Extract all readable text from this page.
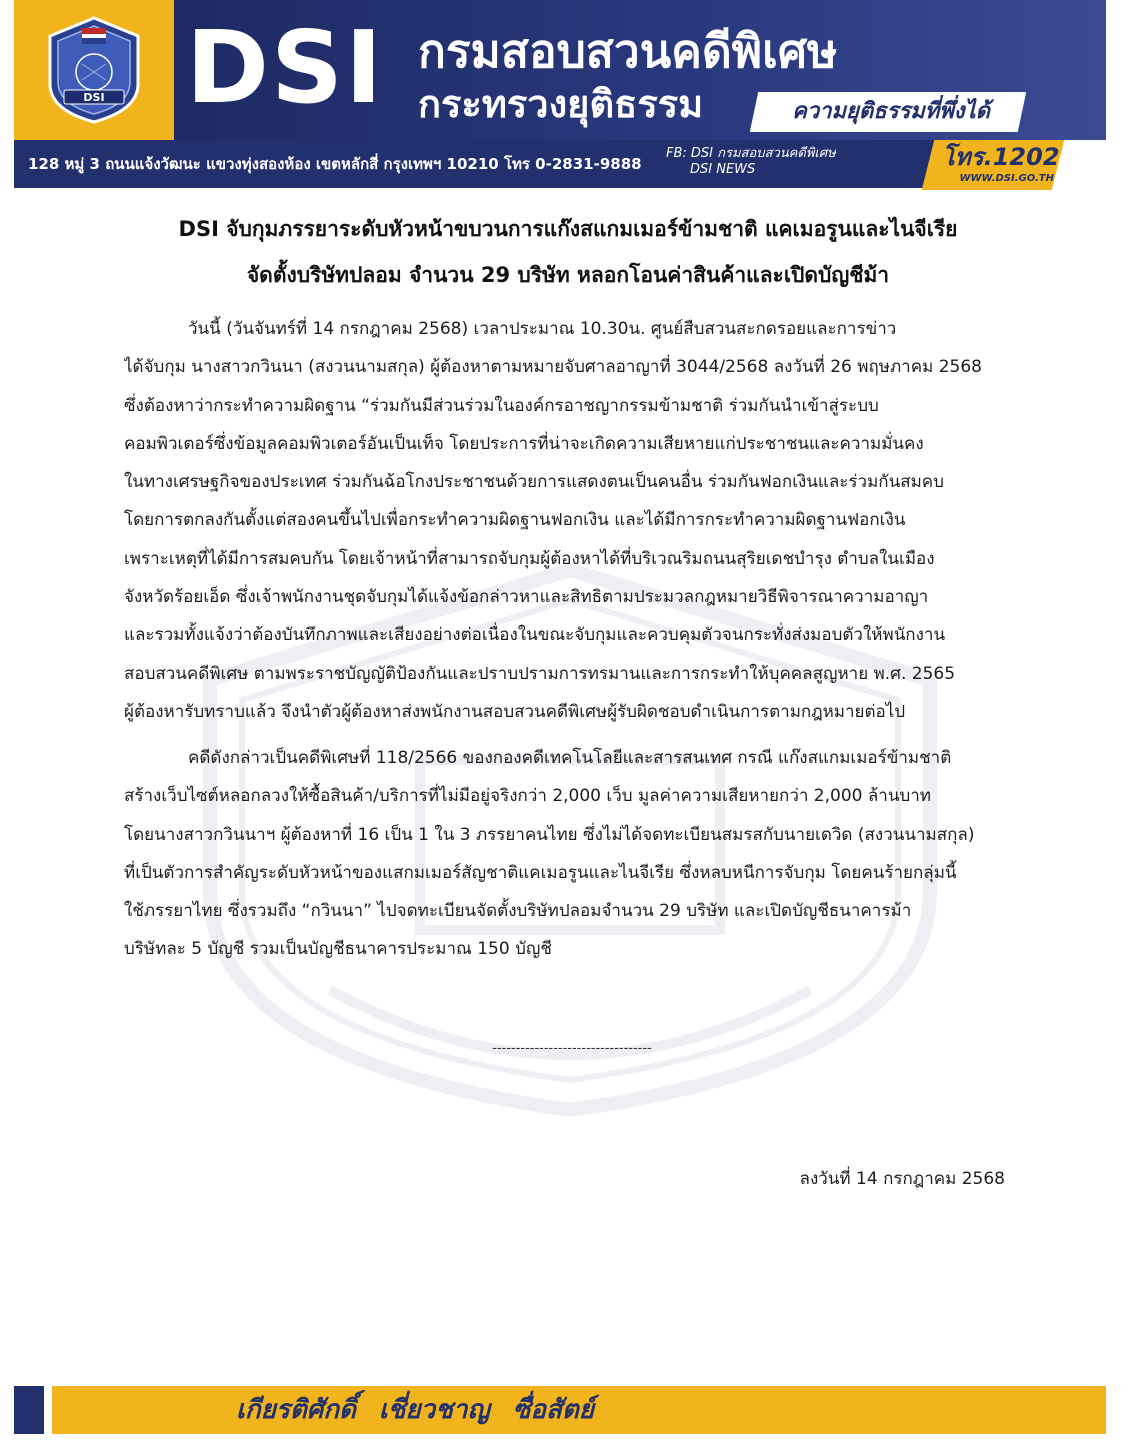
DSI DSI กรมสอบสวนคดีพิเศษ
กระทรวงยุติธรรม	ความยุติธรรมที่พึ่งได้
128 หมู่ 3 ถนนแจ้งวัฒนะ แขวงทุ่งสองห้อง เขตหลักสี่ กรุงเทพฯ 10210 โทร 0-2831-9888
FB: DSI กรมสอบสวนคดีพิเศษ
DSI NEWS	โทร.1202
WWW.DSI.GO.TH
DSI จับกุมภรรยาระดับหัวหน้าขบวนการแก๊งสแกมเมอร์ข้ามชาติ แคเมอรูนและไนจีเรีย
จัดตั้งบริษัทปลอม จำนวน 29 บริษัท หลอกโอนค่าสินค้าและเปิดบัญชีม้า
วันนี้ (วันจันทร์ที่ 14 กรกฎาคม 2568) เวลาประมาณ 10.30น. ศูนย์สืบสวนสะกดรอยและการข่าว
ได้จับกุม นางสาวกวินนา (สงวนนามสกุล) ผู้ต้องหาตามหมายจับศาลอาญาที่ 3044/2568 ลงวันที่ 26 พฤษภาคม 2568
ซึ่งต้องหาว่ากระทำความผิดฐาน “ร่วมกันมีส่วนร่วมในองค์กรอาชญากรรมข้ามชาติ ร่วมกันนำเข้าสู่ระบบ
คอมพิวเตอร์ซึ่งข้อมูลคอมพิวเตอร์อันเป็นเท็จ โดยประการที่น่าจะเกิดความเสียหายแก่ประชาชนและความมั่นคง
ในทางเศรษฐกิจของประเทศ ร่วมกันฉ้อโกงประชาชนด้วยการแสดงตนเป็นคนอื่น ร่วมกันฟอกเงินและร่วมกันสมคบ
โดยการตกลงกันตั้งแต่สองคนขึ้นไปเพื่อกระทำความผิดฐานฟอกเงิน และได้มีการกระทำความผิดฐานฟอกเงิน
เพราะเหตุที่ได้มีการสมคบกัน โดยเจ้าหน้าที่สามารถจับกุมผู้ต้องหาได้ที่บริเวณริมถนนสุริยเดชบำรุง ตำบลในเมือง
จังหวัดร้อยเอ็ด ซึ่งเจ้าพนักงานชุดจับกุมได้แจ้งข้อกล่าวหาและสิทธิตามประมวลกฎหมายวิธีพิจารณาความอาญา
และรวมทั้งแจ้งว่าต้องบันทึกภาพและเสียงอย่างต่อเนื่องในขณะจับกุมและควบคุมตัวจนกระทั่งส่งมอบตัวให้พนักงาน
สอบสวนคดีพิเศษ ตามพระราชบัญญัติป้องกันและปราบปรามการทรมานและการกระทำให้บุคคลสูญหาย พ.ศ. 2565
ผู้ต้องหารับทราบแล้ว จึงนำตัวผู้ต้องหาส่งพนักงานสอบสวนคดีพิเศษผู้รับผิดชอบดำเนินการตามกฎหมายต่อไป
คดีดังกล่าวเป็นคดีพิเศษที่ 118/2566 ของกองคดีเทคโนโลยีและสารสนเทศ กรณี แก๊งสแกมเมอร์ข้ามชาติ
สร้างเว็บไซต์หลอกลวงให้ซื้อสินค้า/บริการที่ไม่มีอยู่จริงกว่า 2,000 เว็บ มูลค่าความเสียหายกว่า 2,000 ล้านบาท
โดยนางสาวกวินนาฯ ผู้ต้องหาที่ 16 เป็น 1 ใน 3 ภรรยาคนไทย ซึ่งไม่ได้จดทะเบียนสมรสกับนายเดวิด (สงวนนามสกุล)
ที่เป็นตัวการสำคัญระดับหัวหน้าของแสกมเมอร์สัญชาติแคเมอรูนและไนจีเรีย ซึ่งหลบหนีการจับกุม โดยคนร้ายกลุ่มนี้
ใช้ภรรยาไทย ซึ่งรวมถึง “กวินนา” ไปจดทะเบียนจัดตั้งบริษัทปลอมจำนวน 29 บริษัท และเปิดบัญชีธนาคารม้า
บริษัทละ 5 บัญชี รวมเป็นบัญชีธนาคารประมาณ 150 บัญชี
----------------------------------
ลงวันที่ 14 กรกฎาคม 2568
เกียรติศักดิ์ เชี่ยวชาญ ซื่อสัตย์
